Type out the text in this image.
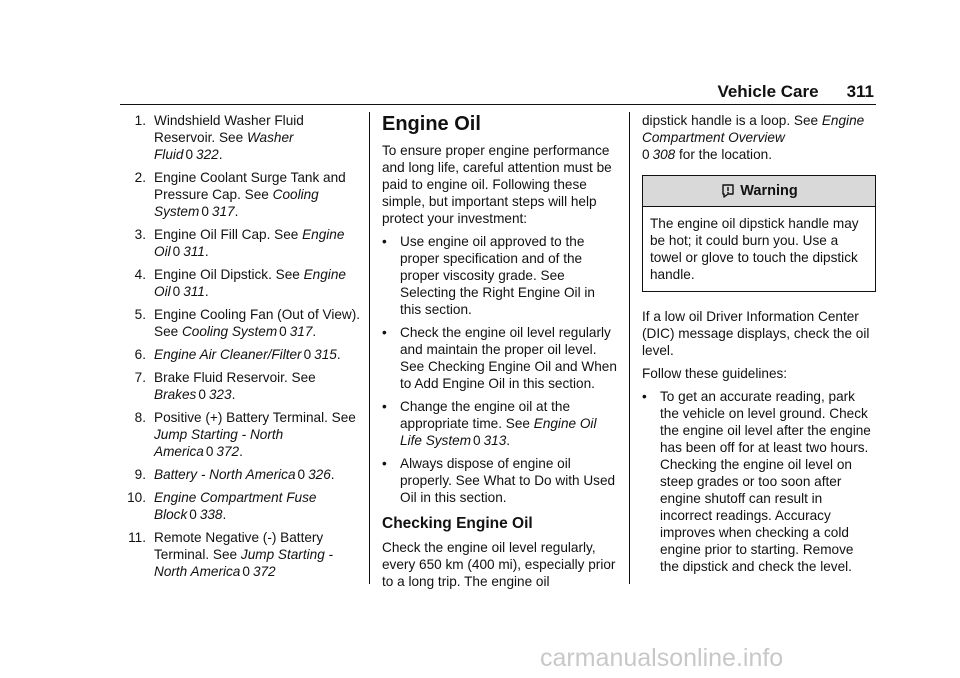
Vehicle Care 311
1. Windshield Washer Fluid Reservoir. See Washer Fluid 0 322.
2. Engine Coolant Surge Tank and Pressure Cap. See Cooling System 0 317.
3. Engine Oil Fill Cap. See Engine Oil 0 311.
4. Engine Oil Dipstick. See Engine Oil 0 311.
5. Engine Cooling Fan (Out of View). See Cooling System 0 317.
6. Engine Air Cleaner/Filter 0 315.
7. Brake Fluid Reservoir. See Brakes 0 323.
8. Positive (+) Battery Terminal. See Jump Starting - North America 0 372.
9. Battery - North America 0 326.
10. Engine Compartment Fuse Block 0 338.
11. Remote Negative (-) Battery Terminal. See Jump Starting - North America 0 372
Engine Oil

To ensure proper engine performance and long life, careful attention must be paid to engine oil. Following these simple, but important steps will help protect your investment:

• Use engine oil approved to the proper specification and of the proper viscosity grade. See Selecting the Right Engine Oil in this section.
• Check the engine oil level regularly and maintain the proper oil level. See Checking Engine Oil and When to Add Engine Oil in this section.
• Change the engine oil at the appropriate time. See Engine Oil Life System 0 313.
• Always dispose of engine oil properly. See What to Do with Used Oil in this section.
Checking Engine Oil

Check the engine oil level regularly, every 650 km (400 mi), especially prior to a long trip. The engine oil

dipstick handle is a loop. See Engine Compartment Overview
0 308 for the location.

Warning
The engine oil dipstick handle may be hot; it could burn you. Use a towel or glove to touch the dipstick handle.

If a low oil Driver Information Center (DIC) message displays, check the oil level.

Follow these guidelines:

• To get an accurate reading, park the vehicle on level ground. Check the engine oil level after the engine has been off for at least two hours. Checking the engine oil level on steep grades or too soon after engine shutoff can result in incorrect readings. Accuracy improves when checking a cold engine prior to starting. Remove the dipstick and check the level.
carmanualsonline.info
